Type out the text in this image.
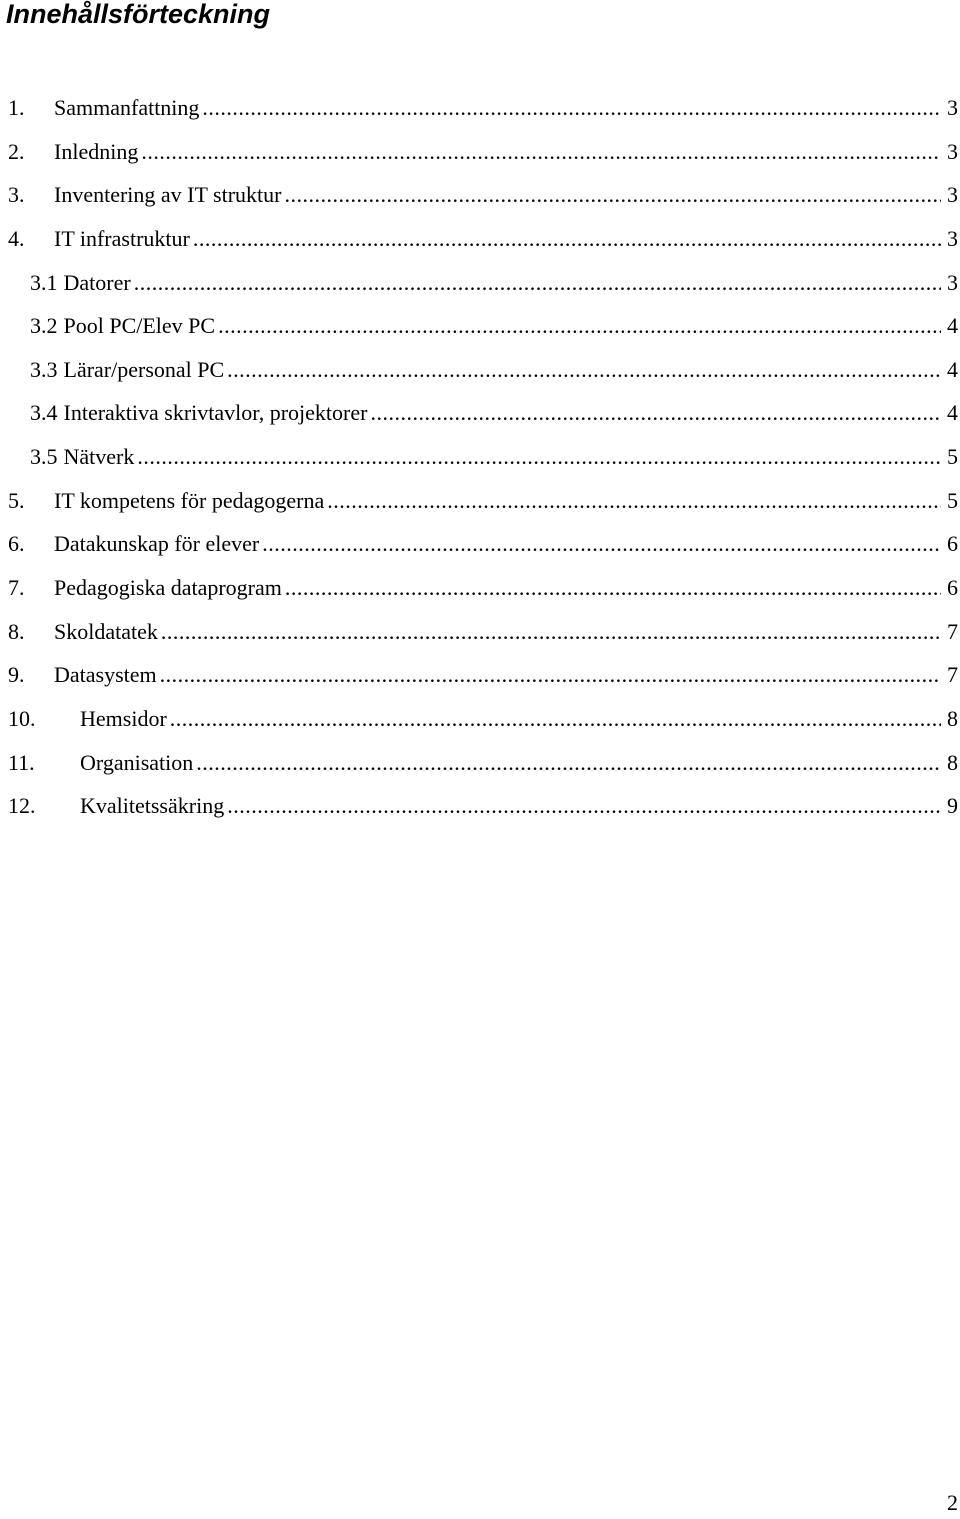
Innehållsförteckning
1.	Sammanfattning .....	3
2.	Inledning .....	3
3.	Inventering av IT struktur .....	3
4.	IT infrastruktur .....	3
3.1 Datorer .....	3
3.2 Pool PC/Elev PC .....	4
3.3 Lärar/personal PC .....	4
3.4 Interaktiva skrivtavlor, projektorer .....	4
3.5 Nätverk .....	5
5.	IT kompetens för pedagogerna .....	5
6.	Datakunskap för elever .....	6
7.	Pedagogiska dataprogram .....	6
8.	Skoldatatek .....	7
9.	Datasystem .....	7
10.	Hemsidor .....	8
11.	Organisation .....	8
12.	Kvalitetssäkring .....	9
2
